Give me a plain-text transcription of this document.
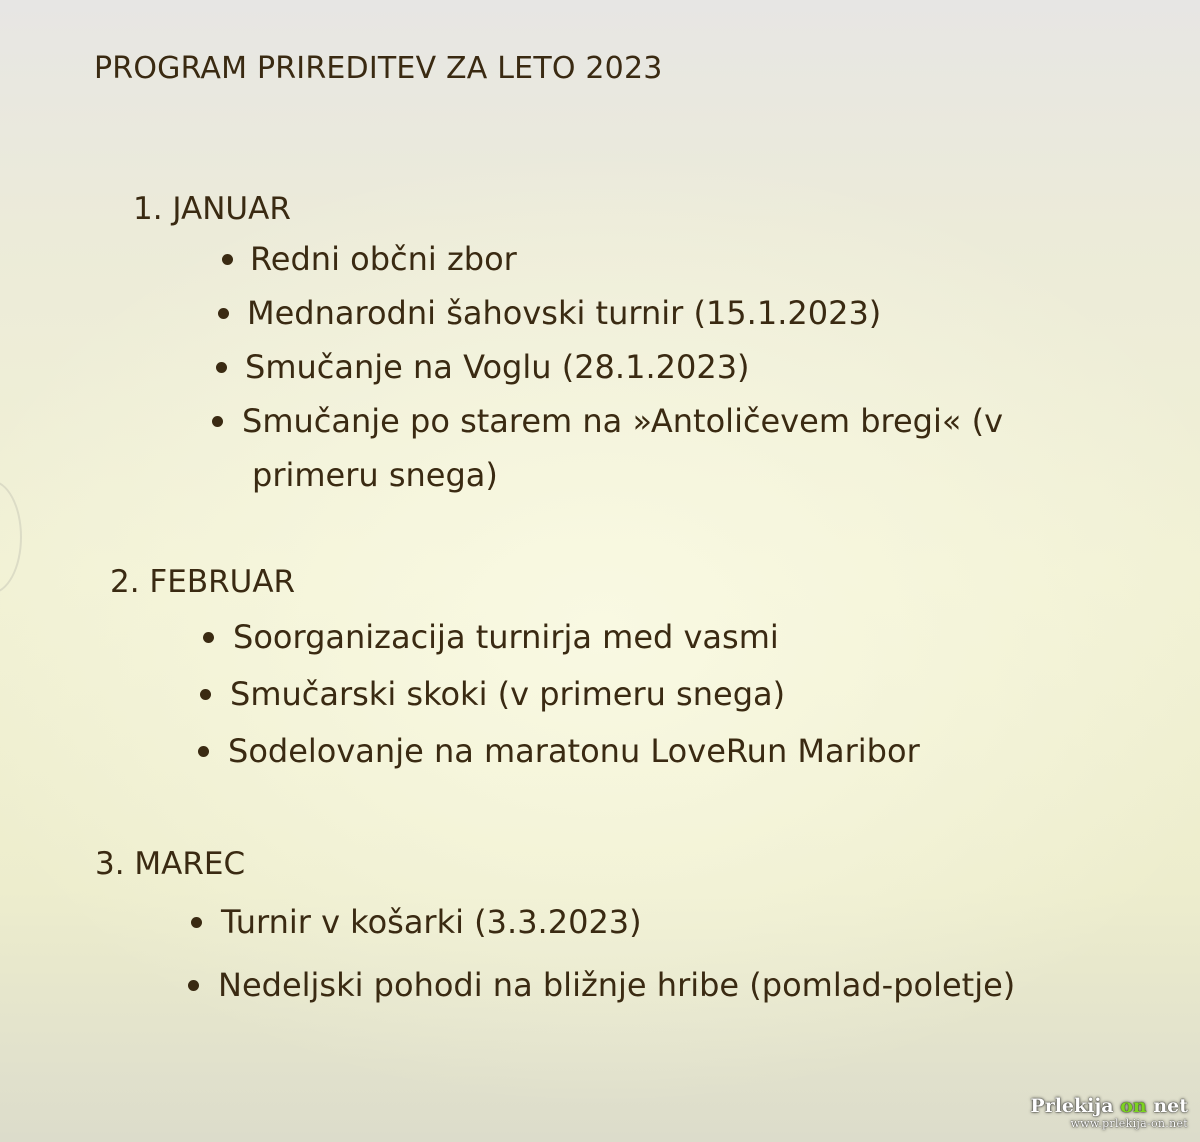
PROGRAM PRIREDITEV ZA LETO 2023
1. JANUAR
Redni občni zbor
Mednarodni šahovski turnir (15.1.2023)
Smučanje na Voglu (28.1.2023)
Smučanje po starem na »Antoličevem bregi« (v
primeru snega)
2. FEBRUAR
Soorganizacija turnirja med vasmi
Smučarski skoki (v primeru snega)
Sodelovanje na maratonu LoveRun Maribor
3. MAREC
Turnir v košarki (3.3.2023)
Nedeljski pohodi na bližnje hribe (pomlad-poletje)
Prlekija on net
www.prlekija-on.net
